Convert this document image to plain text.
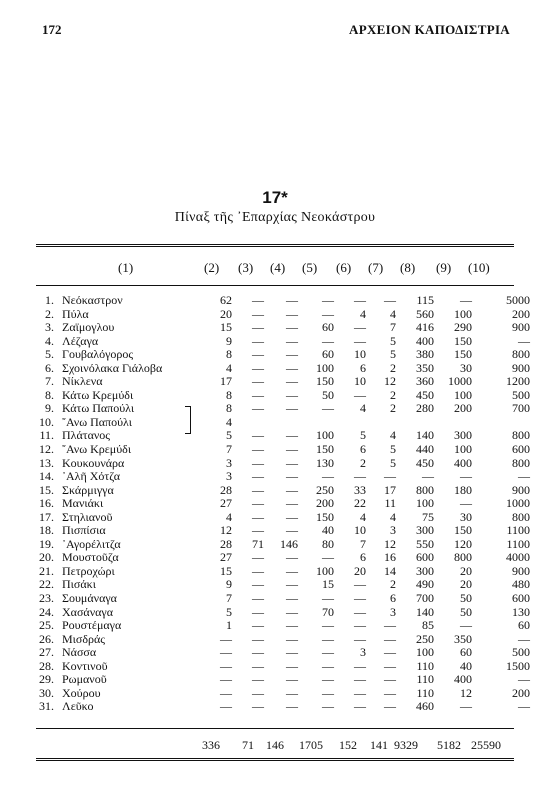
172	ΑΡΧΕΙΟΝ ΚΑΠΟΔΙΣΤΡΙΑ
17*
Πίναξ τῆς ᾿Επαρχίας Νεοκάστρου
(1)	(2) (3) (4) (5) (6) (7) (8) (9) (10)
1.	Νεόκαστρον	62	—	—	—	—	—	115	—	5000
2.	Πύλα	20	—	—	—	4	4	560	100	200
3.	Ζαϊμογλου	15	—	—	60	—	7	416	290	900
4.	Λέζαγα	9	—	—	—	—	5	400	150	—
5.	Γουβαλόγορος	8	—	—	60	10	5	380	150	800
6.	Σχοινόλακα Γιάλοβα	4	—	—	100	6	2	350	30	900
7.	Νίκλενα	17	—	—	150	10	12	360	1000	1200
8.	Κάτω Κρεμύδι	8	—	—	50	—	2	450	100	500
9.	Κάτω Παπούλι	8	—	—	—	4	2	280	200	700
10.	῎Ανω Παπούλι	4								
11.	Πλάτανος	5	—	—	100	5	4	140	300	800
12.	῎Ανω Κρεμύδι	7	—	—	150	6	5	440	100	600
13.	Κουκουνάρα	3	—	—	130	2	5	450	400	800
14.	᾿Αλῆ Χότζα	3	—	—	—	—	—	—	—	—
15.	Σκάρμιγγα	28	—	—	250	33	17	800	180	900
16.	Μανιάκι	27	—	—	200	22	11	100	—	1000
17.	Στηλιανοῦ	4	—	—	150	4	4	75	30	800
18.	Πισπίσια	12	—	—	40	10	3	300	150	1100
19.	᾿Αγορέλιτζα	28	71	146	80	7	12	550	120	1100
20.	Μουστοῦζα	27	—	—	—	6	16	600	800	4000
21.	Πετροχώρι	15	—	—	100	20	14	300	20	900
22.	Πισάκι	9	—	—	15	—	2	490	20	480
23.	Σουμάναγα	7	—	—	—	—	6	700	50	600
24.	Χασάναγα	5	—	—	70	—	3	140	50	130
25.	Ρουστέμαγα	1	—	—	—	—	—	85	—	60
26.	Μισδράς	—	—	—	—	—	—	250	350	—
27.	Νάσσα	—	—	—	—	3	—	100	60	500
28.	Κοντινοῦ	—	—	—	—	—	—	110	40	1500
29.	Ρωμανοῦ	—	—	—	—	—	—	110	400	—
30.	Χούρου	—	—	—	—	—	—	110	12	200
31.	Λεῦκο	—	—	—	—	—	—	460	—	—
336 71 146 1705 152 141 9329 5182 25590
